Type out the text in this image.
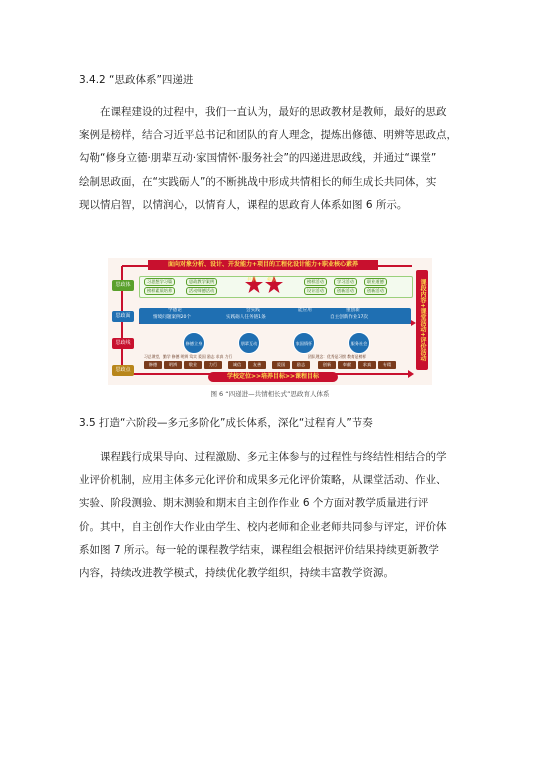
3.4.2 “思政体系”四递进

在课程建设的过程中，我们一直认为，最好的思政教材是教师，最好的思政
案例是榜样，结合习近平总书记和团队的育人理念，提炼出修德、明辨等思政点，
勾勒“修身立德·朋辈互动·家国情怀·服务社会”的四递进思政线，并通过“课堂”
绘制思政面，在“实践砺人”的不断挑战中形成共情相长的师生成长共同体，实
现以情启智，以情润心，以情育人，课程的思政育人体系如图 6 所示。

面向对象分析、设计、开发能力+项目的工程化设计能力+职业核心素养
课段内容+课堂活动+评价活动
思政体
思政面
思政线
思政点
习思想学习篇	思政教学案例
榜样素质培养	活动师德活动
共情 相长	榜样活动	学习活动	职业道德
设计活动	创新活动	创新活动
学德论
情境问题案例20个
会实践
实践砺人任务链1条
能应用	重创新
自主创新作业17次
修德立身	朋辈互动	家国情怀	服务社会
修德	明辨	敬业	力行	诚信	友善	爱国	励志	创新	奉献	求真	专精
习总课堂，勤学 修德 明辨 笃实 爱国 励志 求真 力行	团队理念：优秀是习惯 教育是榜样
学校定位>>培养目标>>课程目标
图 6 “四递进—共情相长式”思政育人体系
3.5 打造“六阶段—多元多阶化”成长体系，深化“过程育人”节奏

课程践行成果导向、过程激励、多元主体参与的过程性与终结性相结合的学
业评价机制，应用主体多元化评价和成果多元化评价策略，从课堂活动、作业、
实验、阶段测验、期末测验和期末自主创作作业 6 个方面对教学质量进行评
价。其中，自主创作大作业由学生、校内老师和企业老师共同参与评定，评价体
系如图 7 所示。每一轮的课程教学结束，课程组会根据评价结果持续更新教学
内容，持续改进教学模式，持续优化教学组织，持续丰富教学资源。
